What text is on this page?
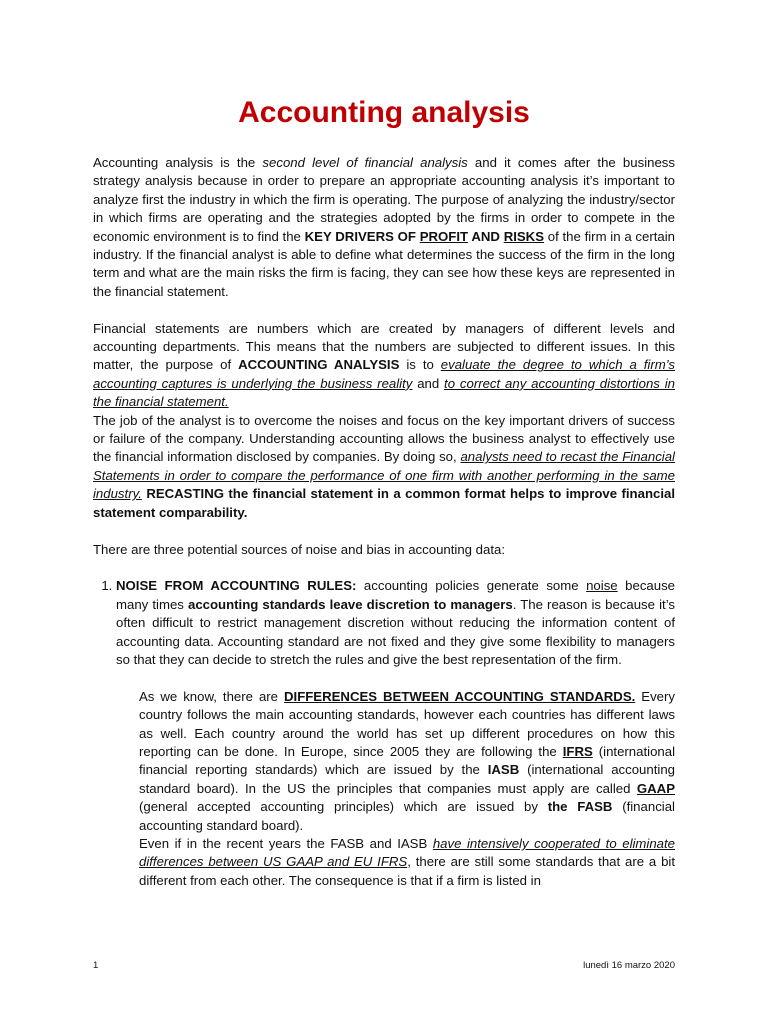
Accounting analysis

Accounting analysis is the second level of financial analysis and it comes after the business strategy analysis because in order to prepare an appropriate accounting analysis it’s important to analyze first the industry in which the firm is operating. The purpose of analyzing the industry/sector in which firms are operating and the strategies adopted by the firms in order to compete in the economic environment is to find the KEY DRIVERS OF PROFIT AND RISKS of the firm in a certain industry. If the financial analyst is able to define what determines the success of the firm in the long term and what are the main risks the firm is facing, they can see how these keys are represented in the financial statement.

Financial statements are numbers which are created by managers of different levels and accounting departments. This means that the numbers are subjected to different issues. In this matter, the purpose of ACCOUNTING ANALYSIS is to evaluate the degree to which a firm’s accounting captures is underlying the business reality and to correct any accounting distortions in the financial statement.

The job of the analyst is to overcome the noises and focus on the key important drivers of success or failure of the company. Understanding accounting allows the business analyst to effectively use the financial information disclosed by companies. By doing so, analysts need to recast the Financial Statements in order to compare the performance of one firm with another performing in the same industry. RECASTING the financial statement in a common format helps to improve financial statement comparability.

There are three potential sources of noise and bias in accounting data:

1. NOISE FROM ACCOUNTING RULES: accounting policies generate some noise because many times accounting standards leave discretion to managers. The reason is because it’s often difficult to restrict management discretion without reducing the information content of accounting data. Accounting standard are not fixed and they give some flexibility to managers so that they can decide to stretch the rules and give the best representation of the firm.

As we know, there are DIFFERENCES BETWEEN ACCOUNTING STANDARDS. Every country follows the main accounting standards, however each countries has different laws as well. Each country around the world has set up different procedures on how this reporting can be done. In Europe, since 2005 they are following the IFRS (international financial reporting standards) which are issued by the IASB (international accounting standard board). In the US the principles that companies must apply are called GAAP (general accepted accounting principles) which are issued by the FASB (financial accounting standard board).

Even if in the recent years the FASB and IASB have intensively cooperated to eliminate differences between US GAAP and EU IFRS, there are still some standards that are a bit different from each other. The consequence is that if a firm is listed in

1	lunedì 16 marzo 2020
